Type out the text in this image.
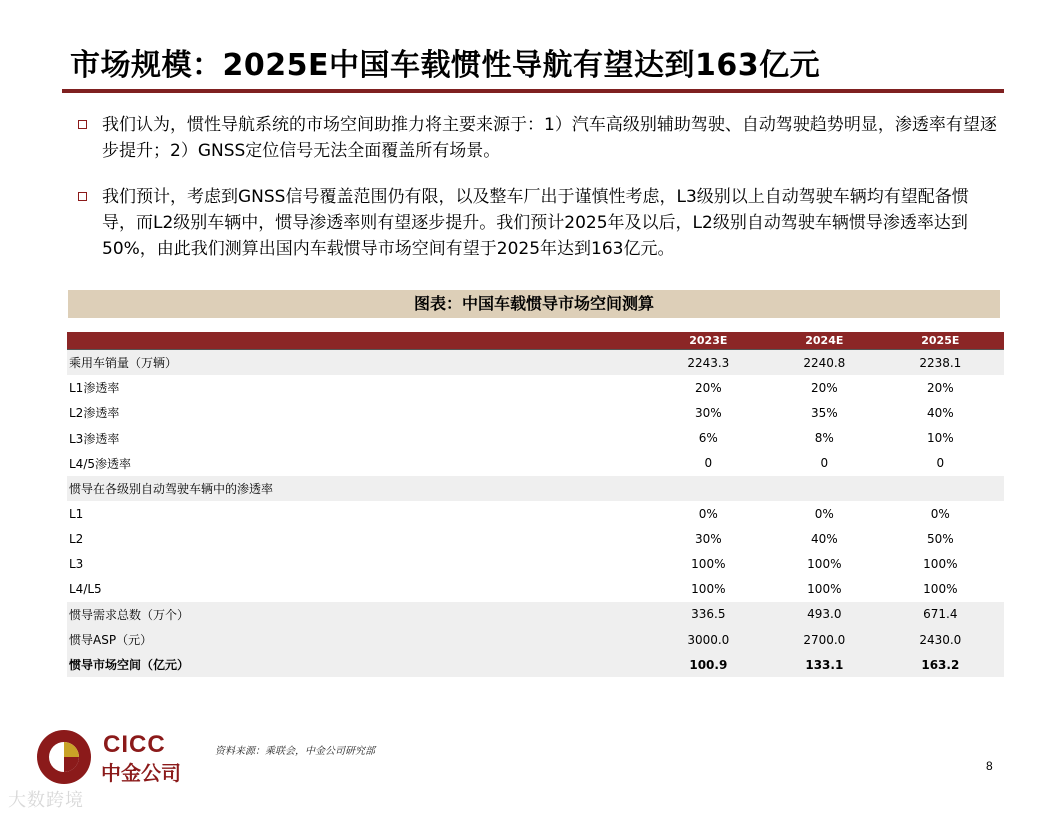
市场规模：2025E中国车载惯性导航有望达到163亿元
我们认为，惯性导航系统的市场空间助推力将主要来源于：1）汽车高级别辅助驾驶、自动驾驶趋势明显，渗透率有望逐步提升；2）GNSS定位信号无法全面覆盖所有场景。
我们预计，考虑到GNSS信号覆盖范围仍有限，以及整车厂出于谨慎性考虑，L3级别以上自动驾驶车辆均有望配备惯导，而L2级别车辆中，惯导渗透率则有望逐步提升。我们预计2025年及以后，L2级别自动驾驶车辆惯导渗透率达到50%，由此我们测算出国内车载惯导市场空间有望于2025年达到163亿元。
图表：中国车载惯导市场空间测算
	2023E	2024E	2025E	
乘用车销量（万辆）	2243.3	2240.8	2238.1	
L1渗透率	20%	20%	20%	
L2渗透率	30%	35%	40%	
L3渗透率	6%	8%	10%	
L4/5渗透率	0	0	0	
惯导在各级别自动驾驶车辆中的渗透率				
L1	0%	0%	0%	
L2	30%	40%	50%	
L3	100%	100%	100%	
L4/L5	100%	100%	100%	
惯导需求总数（万个）	336.5	493.0	671.4	
惯导ASP（元）	3000.0	2700.0	2430.0	
惯导市场空间（亿元）	100.9	133.1	163.2	
CICC
中金公司
资料来源：乘联会，中金公司研究部
8
大数跨境
